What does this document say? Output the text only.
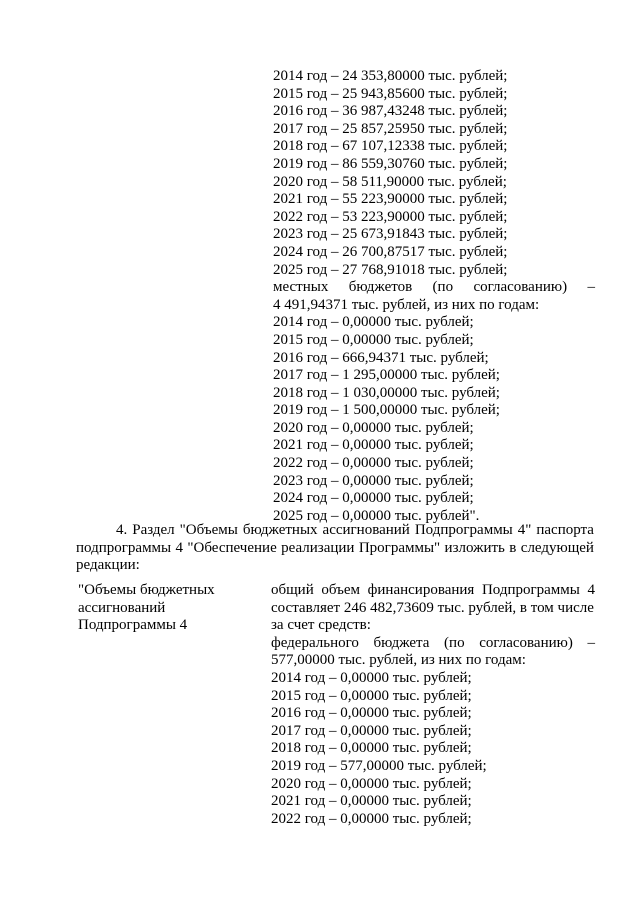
2014 год – 24 353,80000 тыс. рублей;
2015 год – 25 943,85600 тыс. рублей;
2016 год – 36 987,43248 тыс. рублей;
2017 год – 25 857,25950 тыс. рублей;
2018 год – 67 107,12338 тыс. рублей;
2019 год – 86 559,30760 тыс. рублей;
2020 год – 58 511,90000 тыс. рублей;
2021 год – 55 223,90000 тыс. рублей;
2022 год – 53 223,90000 тыс. рублей;
2023 год – 25 673,91843 тыс. рублей;
2024 год – 26 700,87517 тыс. рублей;
2025 год – 27 768,91018 тыс. рублей;
местных бюджетов (по согласованию) –
4 491,94371 тыс. рублей, из них по годам:
2014 год – 0,00000 тыс. рублей;
2015 год – 0,00000 тыс. рублей;
2016 год – 666,94371 тыс. рублей;
2017 год – 1 295,00000 тыс. рублей;
2018 год – 1 030,00000 тыс. рублей;
2019 год – 1 500,00000 тыс. рублей;
2020 год – 0,00000 тыс. рублей;
2021 год – 0,00000 тыс. рублей;
2022 год – 0,00000 тыс. рублей;
2023 год – 0,00000 тыс. рублей;
2024 год – 0,00000 тыс. рублей;
2025 год – 0,00000 тыс. рублей".
4. Раздел "Объемы бюджетных ассигнований Подпрограммы 4" паспорта
подпрограммы 4 "Обеспечение реализации Программы" изложить в следующей
редакции:
"Объемы бюджетных
ассигнований
Подпрограммы 4
общий объем финансирования Подпрограммы 4
составляет 246 482,73609 тыс. рублей, в том числе
за счет средств:
федерального бюджета (по согласованию) –
577,00000 тыс. рублей, из них по годам:
2014 год – 0,00000 тыс. рублей;
2015 год – 0,00000 тыс. рублей;
2016 год – 0,00000 тыс. рублей;
2017 год – 0,00000 тыс. рублей;
2018 год – 0,00000 тыс. рублей;
2019 год – 577,00000 тыс. рублей;
2020 год – 0,00000 тыс. рублей;
2021 год – 0,00000 тыс. рублей;
2022 год – 0,00000 тыс. рублей;
